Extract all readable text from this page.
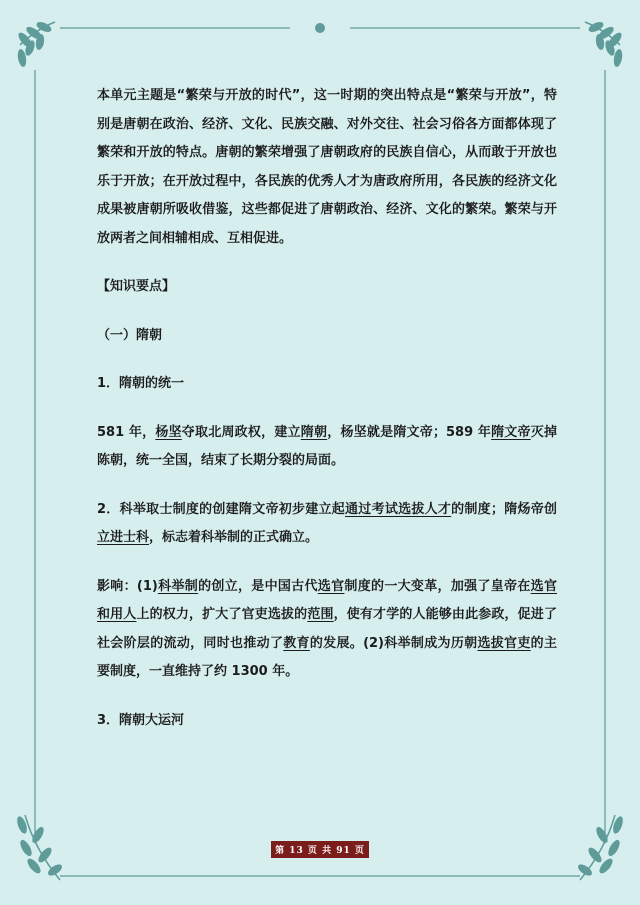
本单元主题是“繁荣与开放的时代”，这一时期的突出特点是“繁荣与开放”，特别是唐朝在政治、经济、文化、民族交融、对外交往、社会习俗各方面都体现了繁荣和开放的特点。唐朝的繁荣增强了唐朝政府的民族自信心，从而敢于开放也乐于开放；在开放过程中，各民族的优秀人才为唐政府所用，各民族的经济文化成果被唐朝所吸收借鉴，这些都促进了唐朝政治、经济、文化的繁荣。繁荣与开放两者之间相辅相成、互相促进。

【知识要点】

（一）隋朝

1．隋朝的统一

581 年，杨坚夺取北周政权，建立隋朝，杨坚就是隋文帝；589 年隋文帝灭掉陈朝，统一全国，结束了长期分裂的局面。

2．科举取士制度的创建隋文帝初步建立起通过考试选拔人才的制度；隋炀帝创立进士科，标志着科举制的正式确立。

影响：(1)科举制的创立，是中国古代选官制度的一大变革，加强了皇帝在选官和用人上的权力，扩大了官吏选拔的范围，使有才学的人能够由此参政，促进了社会阶层的流动，同时也推动了教育的发展。(2)科举制成为历朝选拔官吏的主要制度，一直维持了约 1300 年。

3．隋朝大运河

第 13 页 共 91 页
